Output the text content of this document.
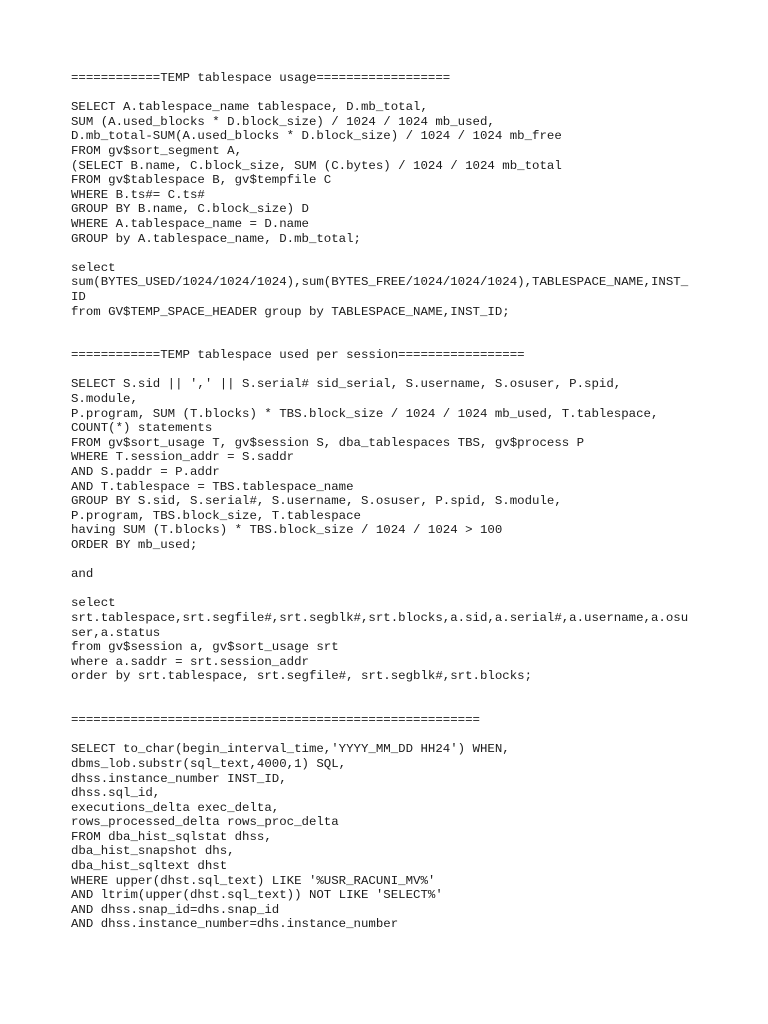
============TEMP tablespace usage==================
SELECT A.tablespace_name tablespace, D.mb_total,
SUM (A.used_blocks * D.block_size) / 1024 / 1024 mb_used,
D.mb_total-SUM(A.used_blocks * D.block_size) / 1024 / 1024 mb_free
FROM gv$sort_segment A,
(SELECT B.name, C.block_size, SUM (C.bytes) / 1024 / 1024 mb_total
FROM gv$tablespace B, gv$tempfile C
WHERE B.ts#= C.ts#
GROUP BY B.name, C.block_size) D
WHERE A.tablespace_name = D.name
GROUP by A.tablespace_name, D.mb_total;
select
sum(BYTES_USED/1024/1024/1024),sum(BYTES_FREE/1024/1024/1024),TABLESPACE_NAME,INST_
ID
from GV$TEMP_SPACE_HEADER group by TABLESPACE_NAME,INST_ID;
============TEMP tablespace used per session=================
SELECT S.sid || ',' || S.serial# sid_serial, S.username, S.osuser, P.spid,
S.module,
P.program, SUM (T.blocks) * TBS.block_size / 1024 / 1024 mb_used, T.tablespace,
COUNT(*) statements
FROM gv$sort_usage T, gv$session S, dba_tablespaces TBS, gv$process P
WHERE T.session_addr = S.saddr
AND S.paddr = P.addr
AND T.tablespace = TBS.tablespace_name
GROUP BY S.sid, S.serial#, S.username, S.osuser, P.spid, S.module,
P.program, TBS.block_size, T.tablespace
having SUM (T.blocks) * TBS.block_size / 1024 / 1024 > 100
ORDER BY mb_used;
and
select
srt.tablespace,srt.segfile#,srt.segblk#,srt.blocks,a.sid,a.serial#,a.username,a.osu
ser,a.status
from gv$session a, gv$sort_usage srt
where a.saddr = srt.session_addr
order by srt.tablespace, srt.segfile#, srt.segblk#,srt.blocks;
=======================================================
SELECT to_char(begin_interval_time,'YYYY_MM_DD HH24') WHEN,
dbms_lob.substr(sql_text,4000,1) SQL,
dhss.instance_number INST_ID,
dhss.sql_id,
executions_delta exec_delta,
rows_processed_delta rows_proc_delta
FROM dba_hist_sqlstat dhss,
dba_hist_snapshot dhs,
dba_hist_sqltext dhst
WHERE upper(dhst.sql_text) LIKE '%USR_RACUNI_MV%'
AND ltrim(upper(dhst.sql_text)) NOT LIKE 'SELECT%'
AND dhss.snap_id=dhs.snap_id
AND dhss.instance_number=dhs.instance_number
